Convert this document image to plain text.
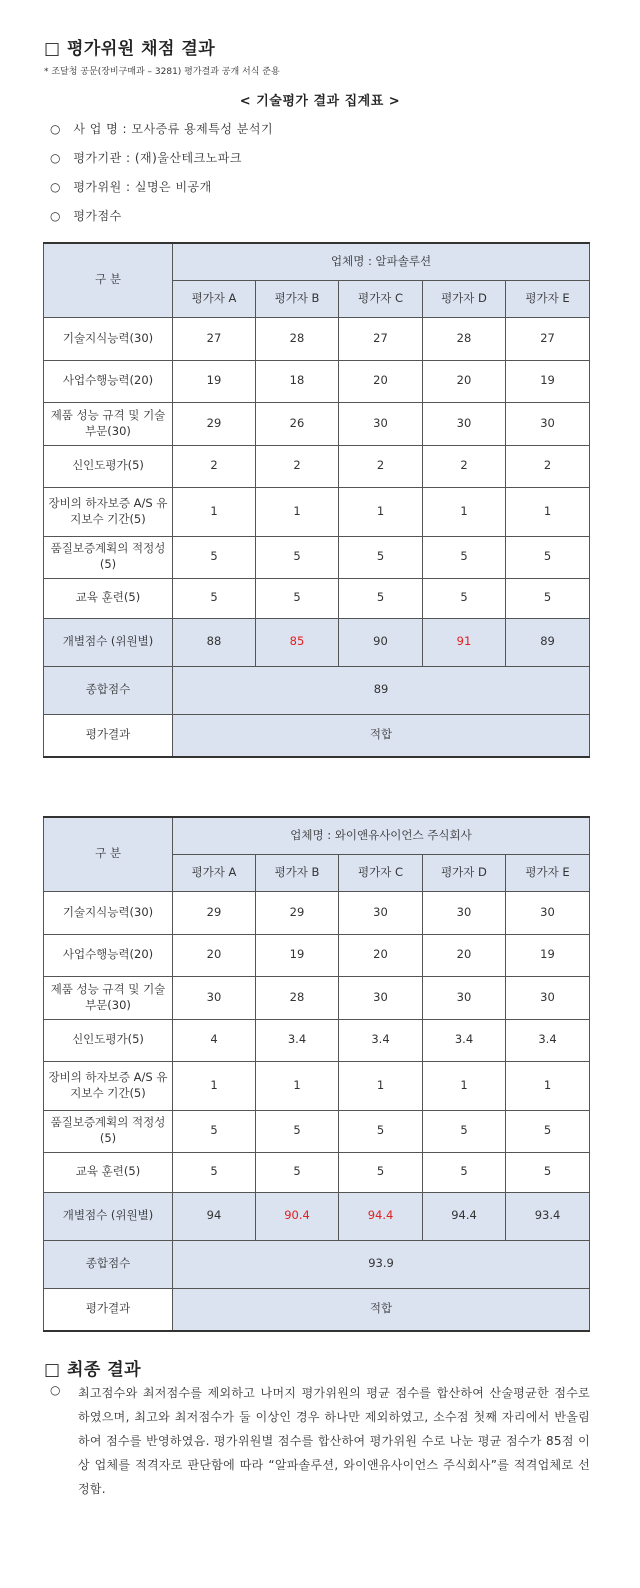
□ 평가위원 채점 결과
* 조달청 공문(장비구매과 – 3281) 평가결과 공개 서식 준용
< 기술평가 결과 집계표 >
○ 사 업 명 : 모사증류 용제특성 분석기
○ 평가기관 : (재)울산테크노파크
○ 평가위원 : 실명은 비공개
○ 평가점수
구 분	업체명 : 알파솔루션				
	평가자 A	평가자 B	평가자 C	평가자 D	평가자 E
기술지식능력(30)	27	28	27	28	27
사업수행능력(20)	19	18	20	20	19
제품 성능 규격 및 기술부문(30)	29	26	30	30	30
신인도평가(5)	2	2	2	2	2
장비의 하자보증 A/S 유지보수 기간(5)	1	1	1	1	1
품질보증계획의 적정성(5)	5	5	5	5	5
교육 훈련(5)	5	5	5	5	5
개별점수 (위원별)	88	85	90	91	89
종합점수	89				
평가결과	적합				
구 분	업체명 : 와이앤유사이언스 주식회사				
	평가자 A	평가자 B	평가자 C	평가자 D	평가자 E
기술지식능력(30)	29	29	30	30	30
사업수행능력(20)	20	19	20	20	19
제품 성능 규격 및 기술부문(30)	30	28	30	30	30
신인도평가(5)	4	3.4	3.4	3.4	3.4
장비의 하자보증 A/S 유지보수 기간(5)	1	1	1	1	1
품질보증계획의 적정성(5)	5	5	5	5	5
교육 훈련(5)	5	5	5	5	5
개별점수 (위원별)	94	90.4	94.4	94.4	93.4
종합점수	93.9				
평가결과	적합				
□ 최종 결과
○ 최고점수와 최저점수를 제외하고 나머지 평가위원의 평균 점수를 합산하여 산술평균한 점수로 하였으며, 최고와 최저점수가 둘 이상인 경우 하나만 제외하였고, 소수점 첫째 자리에서 반올림하여 점수를 반영하였음. 평가위원별 점수를 합산하여 평가위원 수로 나눈 평균 점수가 85점 이상 업체를 적격자로 판단함에 따라 “알파솔루션, 와이앤유사이언스 주식회사”를 적격업체로 선정함.
